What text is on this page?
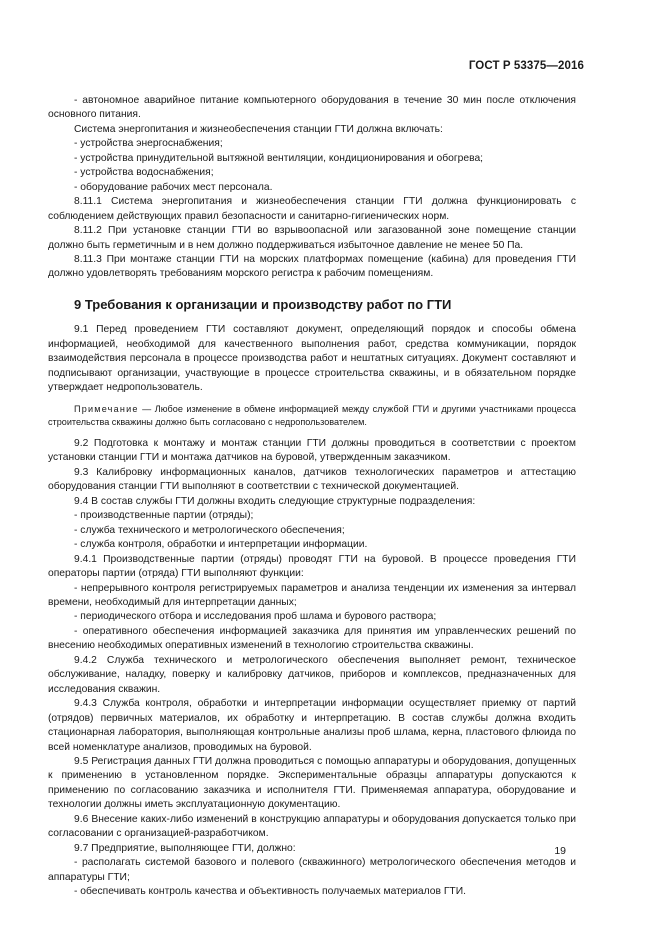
ГОСТ Р 53375—2016

- автономное аварийное питание компьютерного оборудования в течение 30 мин после отключения основного питания.

Система энергопитания и жизнеобеспечения станции ГТИ должна включать:

- устройства энергоснабжения;

- устройства принудительной вытяжной вентиляции, кондиционирования и обогрева;

- устройства водоснабжения;

- оборудование рабочих мест персонала.

8.11.1 Система энергопитания и жизнеобеспечения станции ГТИ должна функционировать с соблюдением действующих правил безопасности и санитарно-гигиенических норм.

8.11.2 При установке станции ГТИ во взрывоопасной или загазованной зоне помещение станции должно быть герметичным и в нем должно поддерживаться избыточное давление не менее 50 Па.

8.11.3 При монтаже станции ГТИ на морских платформах помещение (кабина) для проведения ГТИ должно удовлетворять требованиям морского регистра к рабочим помещениям.

9 Требования к организации и производству работ по ГТИ

9.1 Перед проведением ГТИ составляют документ, определяющий порядок и способы обмена информацией, необходимой для качественного выполнения работ, средства коммуникации, порядок взаимодействия персонала в процессе производства работ и нештатных ситуациях. Документ составляют и подписывают организации, участвующие в процессе строительства скважины, и в обязательном порядке утверждает недропользователь.

Примечание — Любое изменение в обмене информацией между службой ГТИ и другими участниками процесса строительства скважины должно быть согласовано с недропользователем.

9.2 Подготовка к монтажу и монтаж станции ГТИ должны проводиться в соответствии с проектом установки станции ГТИ и монтажа датчиков на буровой, утвержденным заказчиком.

9.3 Калибровку информационных каналов, датчиков технологических параметров и аттестацию оборудования станции ГТИ выполняют в соответствии с технической документацией.

9.4 В состав службы ГТИ должны входить следующие структурные подразделения:

- производственные партии (отряды);

- служба технического и метрологического обеспечения;

- служба контроля, обработки и интерпретации информации.

9.4.1 Производственные партии (отряды) проводят ГТИ на буровой. В процессе проведения ГТИ операторы партии (отряда) ГТИ выполняют функции:

- непрерывного контроля регистрируемых параметров и анализа тенденции их изменения за интервал времени, необходимый для интерпретации данных;

- периодического отбора и исследования проб шлама и бурового раствора;

- оперативного обеспечения информацией заказчика для принятия им управленческих решений по внесению необходимых оперативных изменений в технологию строительства скважины.

9.4.2 Служба технического и метрологического обеспечения выполняет ремонт, техническое обслуживание, наладку, поверку и калибровку датчиков, приборов и комплексов, предназначенных для исследования скважин.

9.4.3 Служба контроля, обработки и интерпретации информации осуществляет приемку от партий (отрядов) первичных материалов, их обработку и интерпретацию. В состав службы должна входить стационарная лаборатория, выполняющая контрольные анализы проб шлама, керна, пластового флюида по всей номенклатуре анализов, проводимых на буровой.

9.5 Регистрация данных ГТИ должна проводиться с помощью аппаратуры и оборудования, допущенных к применению в установленном порядке. Экспериментальные образцы аппаратуры допускаются к применению по согласованию заказчика и исполнителя ГТИ. Применяемая аппаратура, оборудование и технологии должны иметь эксплуатационную документацию.

9.6 Внесение каких-либо изменений в конструкцию аппаратуры и оборудования допускается только при согласовании с организацией-разработчиком.

9.7 Предприятие, выполняющее ГТИ, должно:

- располагать системой базового и полевого (скважинного) метрологического обеспечения методов и аппаратуры ГТИ;

- обеспечивать контроль качества и объективность получаемых материалов ГТИ.

19
